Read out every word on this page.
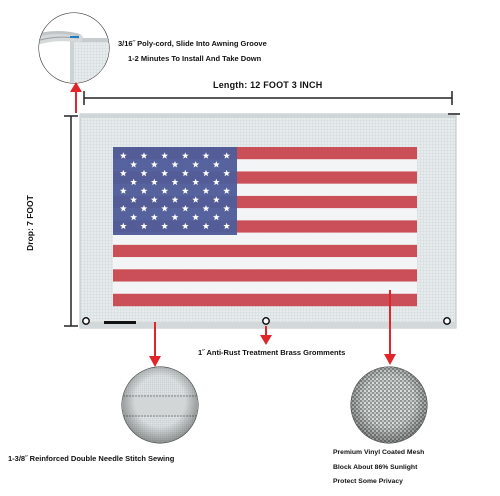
3/16˝ Poly-cord, Slide Into Awning Groove
1-2 Minutes To Install And Take Down
Length: 12 FOOT 3 INCH
Drop: 7 FOOT
1˝ Anti-Rust Treatment Brass Gromments
1-3/8˝ Reinforced Double Needle Stitch Sewing
Premium Vinyl Coated Mesh
Block About 86% Sunlight
Protect Some Privacy
